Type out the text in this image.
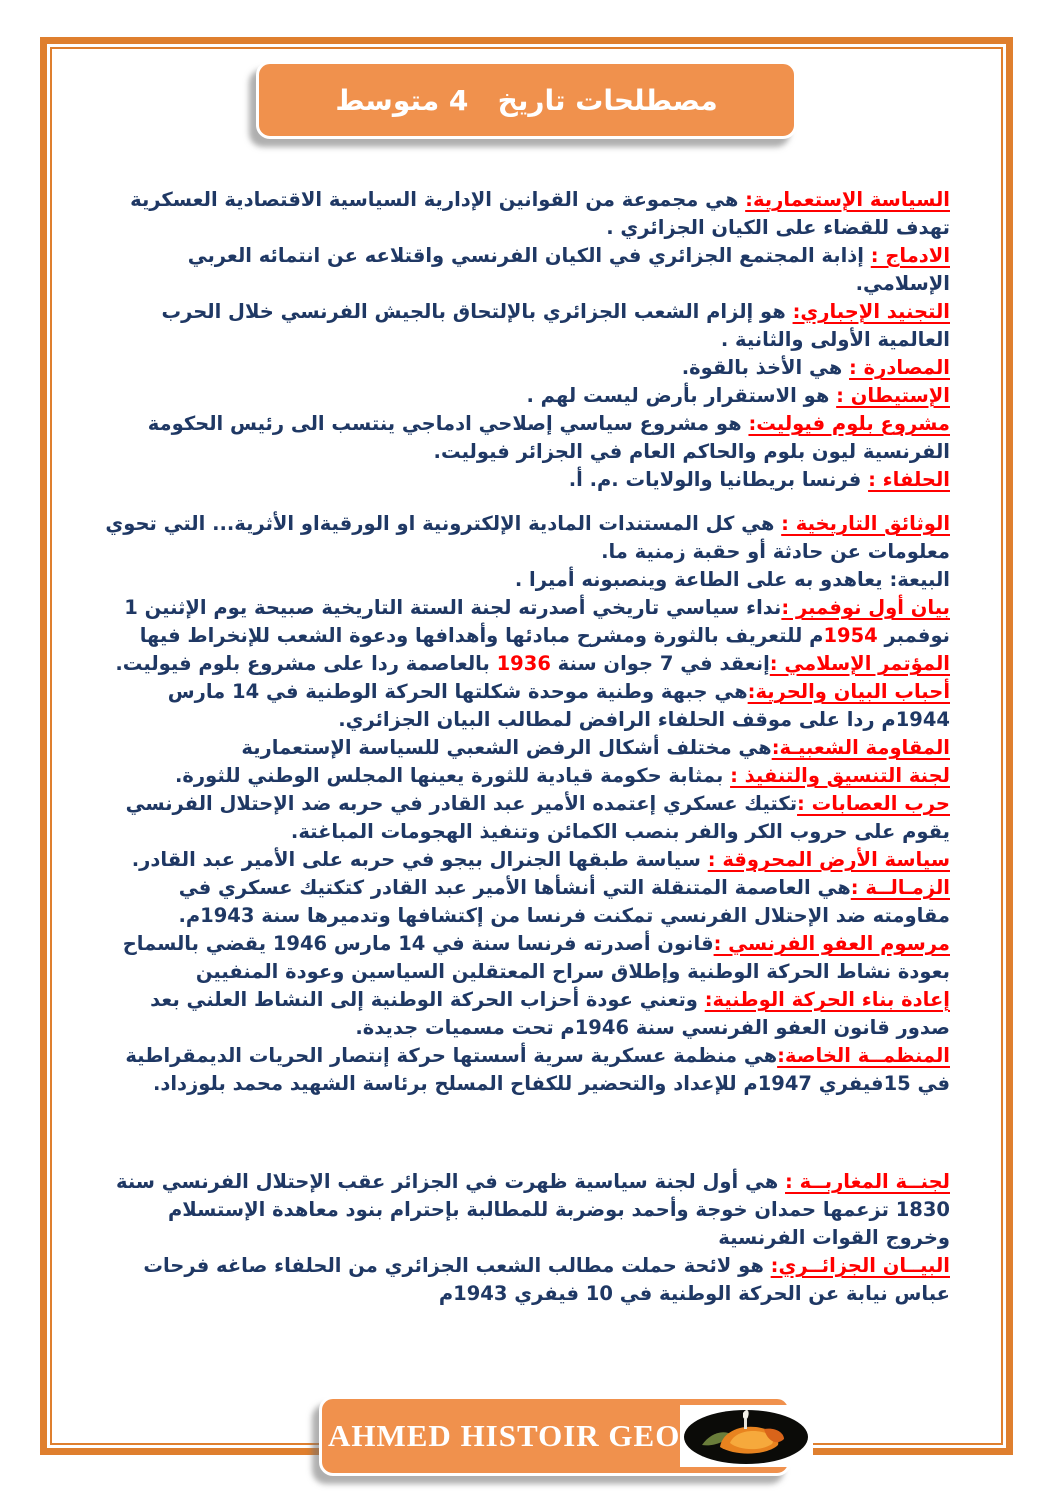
مصطلحات تاريخ   4 متوسط

السياسة الإستعمارية: هي مجموعة من القوانين الإدارية السياسية الاقتصادية العسكرية تهدف للقضاء على الكيان الجزائري .

الادماج : إذابة المجتمع الجزائري في الكيان الفرنسي واقتلاعه عن انتمائه العربي الإسلامي.

التجنيد الإجباري: هو إلزام الشعب الجزائري بالإلتحاق بالجيش الفرنسي خلال الحرب العالمية الأولى والثانية .

المصادرة : هي الأخذ بالقوة.

الإستيطان : هو الاستقرار بأرض ليست لهم .

مشروع بلوم فيوليت: هو مشروع سياسي إصلاحي ادماجي ينتسب الى رئيس الحكومة الفرنسية ليون بلوم والحاكم العام في الجزائر فيوليت.

الحلفاء : فرنسا بريطانيا والولايات .م. أ.

الوثائق التاريخية : هي كل المستندات المادية الإلكترونية او الورقيةاو الأثرية... التي تحوي معلومات عن حادثة أو حقبة زمنية ما.

البيعة: يعاهدو به على الطاعة وينصبونه أميرا .

بيان أول نوفمبر :نداء سياسي تاريخي أصدرته لجنة الستة التاريخية صبيحة يوم الإثنين 1 نوفمبر 1954م للتعريف بالثورة ومشرح مبادئها وأهدافها ودعوة الشعب للإنخراط فيها

المؤتمر الإسلامي :إنعقد في 7 جوان سنة 1936 بالعاصمة ردا على مشروع بلوم فيوليت.

أحباب البيان والحرية:هي جبهة وطنية موحدة شكلتها الحركة الوطنية في 14 مارس 1944م ردا على موقف الحلفاء الرافض لمطالب البيان الجزائري.

المقاومة الشعبيـة:هي مختلف أشكال الرفض الشعبي للسياسة الإستعمارية

لجنة التنسيق والتنفيذ : بمثابة حكومة قيادية للثورة يعينها المجلس الوطني للثورة.

حرب العصابات :تكتيك عسكري إعتمده الأمير عبد القادر في حربه ضد الإحتلال الفرنسي يقوم على حروب الكر والفر بنصب الكمائن وتنفيذ الهجومات المباغتة.

سياسة الأرض المحروقة : سياسة طبقها الجنرال بيجو في حربه على الأمير عبد القادر.

الزمـالــة :هي العاصمة المتنقلة التي أنشأها الأمير عبد القادر كتكتيك عسكري في مقاومته ضد الإحتلال الفرنسي تمكنت فرنسا من إكتشافها وتدميرها سنة 1943م.

مرسوم العفو الفرنسي :قانون أصدرته فرنسا سنة في 14 مارس 1946 يقضي بالسماح بعودة نشاط الحركة الوطنية وإطلاق سراح المعتقلين السياسين وعودة المنفيين

إعادة بناء الحركة الوطنية: وتعني عودة أحزاب الحركة الوطنية إلى النشاط العلني بعد صدور قانون العفو الفرنسي سنة 1946م تحت مسميات جديدة.

المنظمــة الخاصة:هي منظمة عسكرية سرية أسستها حركة إنتصار الحريات الديمقراطية في 15فيفري 1947م للإعداد والتحضير للكفاح المسلح برئاسة الشهيد محمد بلوزداد.

لجنــة المغاربــة : هي أول لجنة سياسية ظهرت في الجزائر عقب الإحتلال الفرنسي سنة 1830 تزعمها حمدان خوجة وأحمد بوضربة للمطالبة بإحترام بنود معاهدة الإستسلام وخروج القوات الفرنسية

البيــان الجزائــري: هو لائحة حملت مطالب الشعب الجزائري من الحلفاء صاغه فرحات عباس نيابة عن الحركة الوطنية في 10 فيفري 1943م

AHMED HISTOIR GEO
